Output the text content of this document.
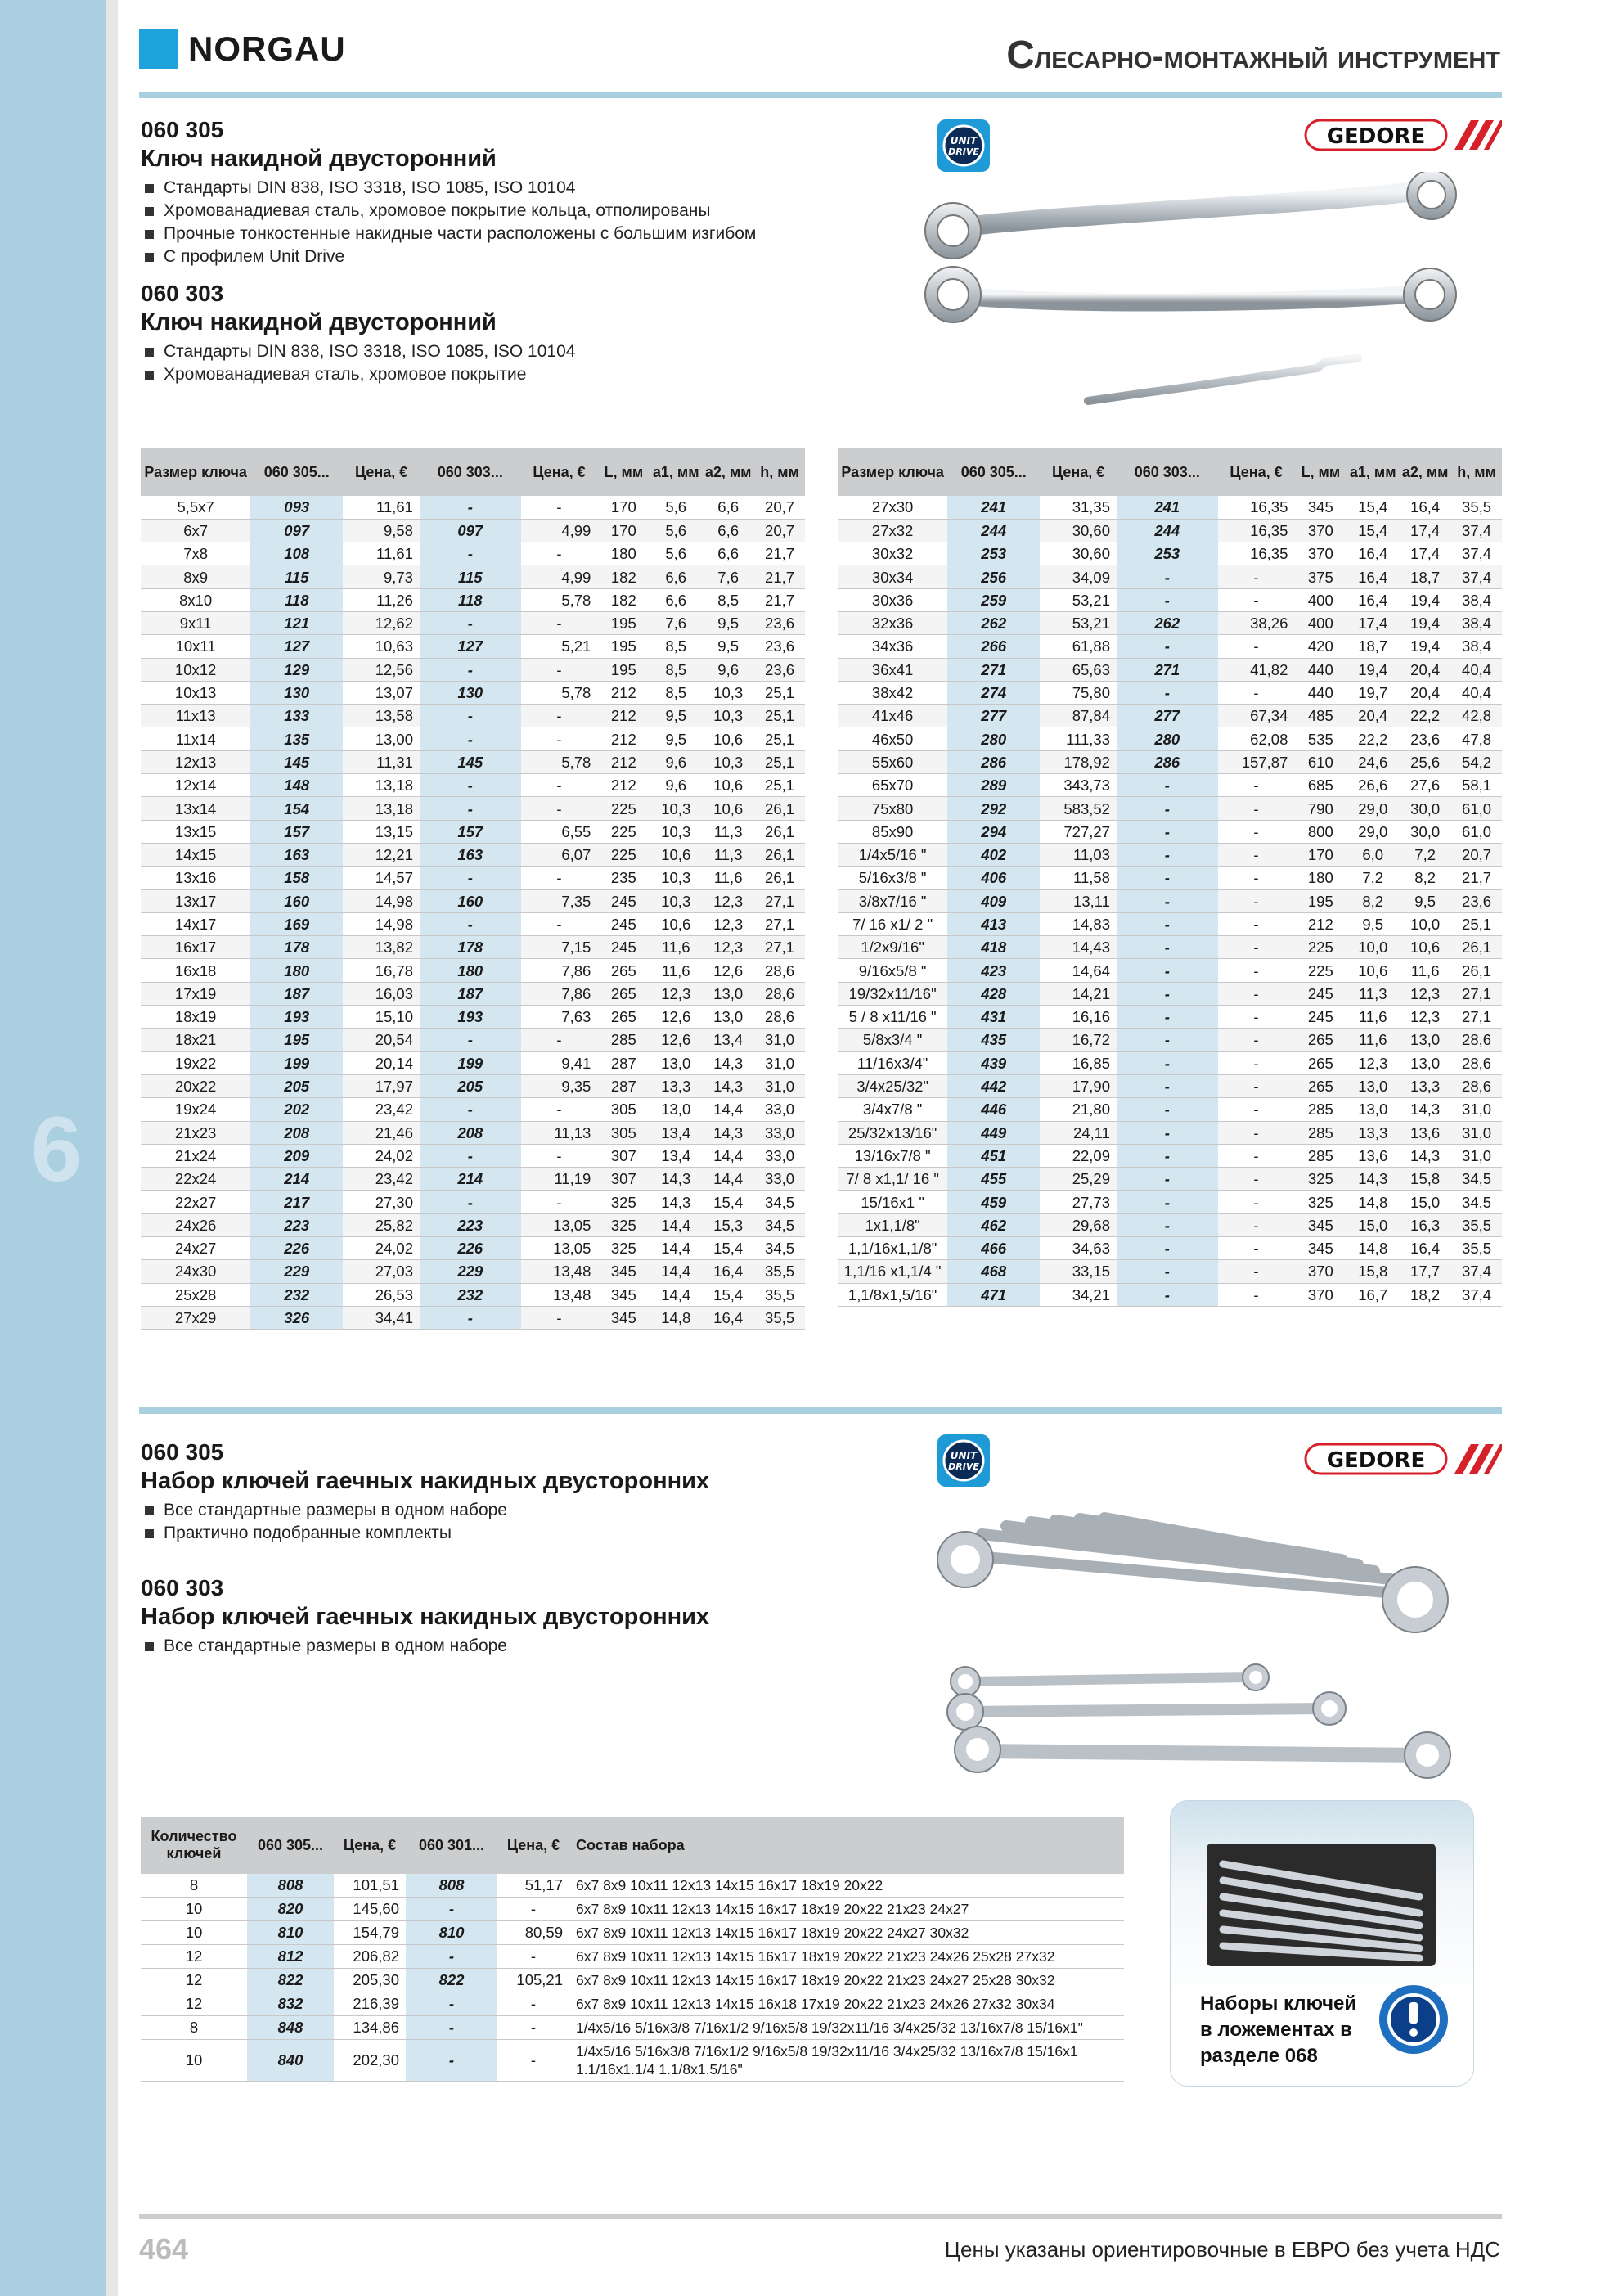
6
NORGAU	Слесарно-монтажный инструмент
060 305
Ключ накидной двусторонний
Стандарты DIN 838, ISO 3318, ISO 1085, ISO 10104
Хромованадиевая сталь, хромовое покрытие кольца, отполированы
Прочные тонкостенные накидные части расположены с большим изгибом
С профилем Unit Drive
060 303
Ключ накидной двусторонний
Стандарты DIN 838, ISO 3318, ISO 1085, ISO 10104
Хромованадиевая сталь, хромовое покрытие
UNIT
DRIVE
GEDORE
Размер ключа	060 305...	Цена, €	060 303...	Цена, €	L, мм	a1, мм	a2, мм	h, мм
5,5x7	093	11,61	-	-	170	5,6	6,6	20,7
6x7	097	9,58	097	4,99	170	5,6	6,6	20,7
7x8	108	11,61	-	-	180	5,6	6,6	21,7
8x9	115	9,73	115	4,99	182	6,6	7,6	21,7
8x10	118	11,26	118	5,78	182	6,6	8,5	21,7
9x11	121	12,62	-	-	195	7,6	9,5	23,6
10x11	127	10,63	127	5,21	195	8,5	9,5	23,6
10x12	129	12,56	-	-	195	8,5	9,6	23,6
10x13	130	13,07	130	5,78	212	8,5	10,3	25,1
11x13	133	13,58	-	-	212	9,5	10,3	25,1
11x14	135	13,00	-	-	212	9,5	10,6	25,1
12x13	145	11,31	145	5,78	212	9,6	10,3	25,1
12x14	148	13,18	-	-	212	9,6	10,6	25,1
13x14	154	13,18	-	-	225	10,3	10,6	26,1
13x15	157	13,15	157	6,55	225	10,3	11,3	26,1
14x15	163	12,21	163	6,07	225	10,6	11,3	26,1
13x16	158	14,57	-	-	235	10,3	11,6	26,1
13x17	160	14,98	160	7,35	245	10,3	12,3	27,1
14x17	169	14,98	-	-	245	10,6	12,3	27,1
16x17	178	13,82	178	7,15	245	11,6	12,3	27,1
16x18	180	16,78	180	7,86	265	11,6	12,6	28,6
17x19	187	16,03	187	7,86	265	12,3	13,0	28,6
18x19	193	15,10	193	7,63	265	12,6	13,0	28,6
18x21	195	20,54	-	-	285	12,6	13,4	31,0
19x22	199	20,14	199	9,41	287	13,0	14,3	31,0
20x22	205	17,97	205	9,35	287	13,3	14,3	31,0
19x24	202	23,42	-	-	305	13,0	14,4	33,0
21x23	208	21,46	208	11,13	305	13,4	14,3	33,0
21x24	209	24,02	-	-	307	13,4	14,4	33,0
22x24	214	23,42	214	11,19	307	14,3	14,4	33,0
22x27	217	27,30	-	-	325	14,3	15,4	34,5
24x26	223	25,82	223	13,05	325	14,4	15,3	34,5
24x27	226	24,02	226	13,05	325	14,4	15,4	34,5
24x30	229	27,03	229	13,48	345	14,4	16,4	35,5
25x28	232	26,53	232	13,48	345	14,4	15,4	35,5
27x29	326	34,41	-	-	345	14,8	16,4	35,5
Размер ключа	060 305...	Цена, €	060 303...	Цена, €	L, мм	a1, мм	a2, мм	h, мм
27x30	241	31,35	241	16,35	345	15,4	16,4	35,5
27x32	244	30,60	244	16,35	370	15,4	17,4	37,4
30x32	253	30,60	253	16,35	370	16,4	17,4	37,4
30x34	256	34,09	-	-	375	16,4	18,7	37,4
30x36	259	53,21	-	-	400	16,4	19,4	38,4
32x36	262	53,21	262	38,26	400	17,4	19,4	38,4
34x36	266	61,88	-	-	420	18,7	19,4	38,4
36x41	271	65,63	271	41,82	440	19,4	20,4	40,4
38x42	274	75,80	-	-	440	19,7	20,4	40,4
41x46	277	87,84	277	67,34	485	20,4	22,2	42,8
46x50	280	111,33	280	62,08	535	22,2	23,6	47,8
55x60	286	178,92	286	157,87	610	24,6	25,6	54,2
65x70	289	343,73	-	-	685	26,6	27,6	58,1
75x80	292	583,52	-	-	790	29,0	30,0	61,0
85x90	294	727,27	-	-	800	29,0	30,0	61,0
1/4x5/16 "	402	11,03	-	-	170	6,0	7,2	20,7
5/16x3/8 "	406	11,58	-	-	180	7,2	8,2	21,7
3/8x7/16 "	409	13,11	-	-	195	8,2	9,5	23,6
7/ 16 x1/ 2 "	413	14,83	-	-	212	9,5	10,0	25,1
1/2x9/16"	418	14,43	-	-	225	10,0	10,6	26,1
9/16x5/8 "	423	14,64	-	-	225	10,6	11,6	26,1
19/32x11/16"	428	14,21	-	-	245	11,3	12,3	27,1
5 / 8 x11/16 "	431	16,16	-	-	245	11,6	12,3	27,1
5/8x3/4 "	435	16,72	-	-	265	11,6	13,0	28,6
11/16x3/4"	439	16,85	-	-	265	12,3	13,0	28,6
3/4x25/32"	442	17,90	-	-	265	13,0	13,3	28,6
3/4x7/8 "	446	21,80	-	-	285	13,0	14,3	31,0
25/32x13/16"	449	24,11	-	-	285	13,3	13,6	31,0
13/16x7/8 "	451	22,09	-	-	285	13,6	14,3	31,0
7/ 8 x1,1/ 16 "	455	25,29	-	-	325	14,3	15,8	34,5
15/16x1 "	459	27,73	-	-	325	14,8	15,0	34,5
1x1,1/8"	462	29,68	-	-	345	15,0	16,3	35,5
1,1/16x1,1/8"	466	34,63	-	-	345	14,8	16,4	35,5
1,1/16 x1,1/4 "	468	33,15	-	-	370	15,8	17,7	37,4
1,1/8x1,5/16"	471	34,21	-	-	370	16,7	18,2	37,4
060 305
Набор ключей гаечных накидных двусторонних
Все стандартные размеры в одном наборе
Практично подобранные комплекты
060 303
Набор ключей гаечных накидных двусторонних
Все стандартные размеры в одном наборе
UNIT
DRIVE	GEDORE
Количество ключей	060 305...	Цена, €	060 301...	Цена, €	Состав набора
8	808	101,51	808	51,17	6x7 8x9 10x11 12x13 14x15 16x17 18x19 20x22
10	820	145,60	-	-	6x7 8x9 10x11 12x13 14x15 16x17 18x19 20x22 21x23 24x27
10	810	154,79	810	80,59	6x7 8x9 10x11 12x13 14x15 16x17 18x19 20x22 24x27 30x32
12	812	206,82	-	-	6x7 8x9 10x11 12x13 14x15 16x17 18x19 20x22 21x23 24x26 25x28 27x32
12	822	205,30	822	105,21	6x7 8x9 10x11 12x13 14x15 16x17 18x19 20x22 21x23 24x27 25x28 30x32
12	832	216,39	-	-	6x7 8x9 10x11 12x13 14x15 16x18 17x19 20x22 21x23 24x26 27x32 30x34
8	848	134,86	-	-	1/4x5/16 5/16x3/8 7/16x1/2 9/16x5/8 19/32x11/16 3/4x25/32 13/16x7/8 15/16x1"
10	840	202,30	-	-	1/4x5/16 5/16x3/8 7/16x1/2 9/16x5/8 19/32x11/16 3/4x25/32 13/16x7/8 15/16x1 1.1/16x1.1/4 1.1/8x1.5/16"
Наборы ключей
в ложементах в
разделе 068
464	Цены указаны ориентировочные в ЕВРО без учета НДС
